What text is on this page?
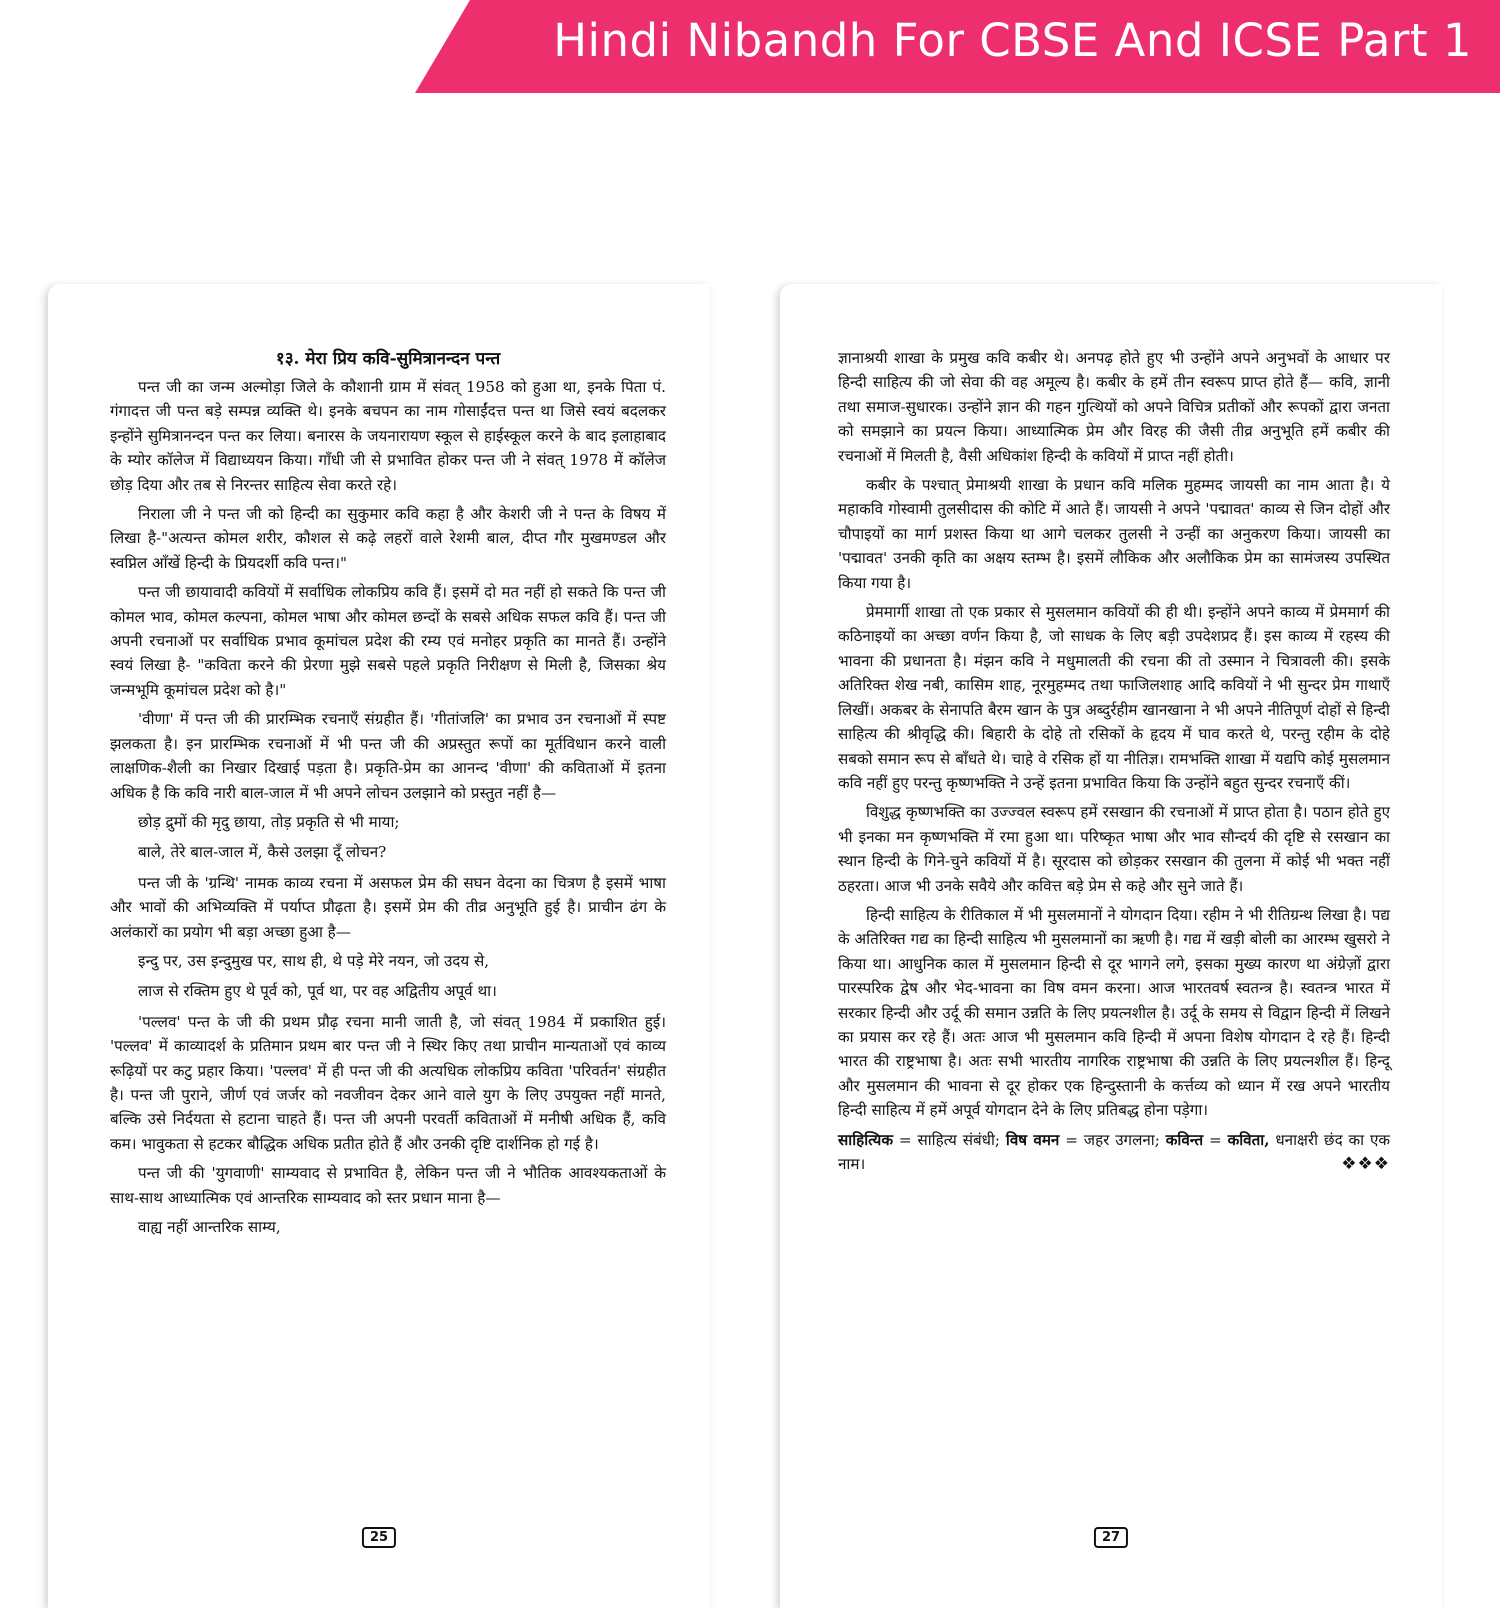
Hindi Nibandh For CBSE And ICSE Part 1
१३. मेरा प्रिय कवि-सुमित्रानन्दन पन्त

पन्त जी का जन्म अल्मोड़ा जिले के कौशानी ग्राम में संवत् 1958 को हुआ था, इनके पिता पं. गंगादत्त जी पन्त बड़े सम्पन्न व्यक्ति थे। इनके बचपन का नाम गोसाईंदत्त पन्त था जिसे स्वयं बदलकर इन्होंने सुमित्रानन्दन पन्त कर लिया। बनारस के जयनारायण स्कूल से हाईस्कूल करने के बाद इलाहाबाद के म्योर कॉलेज में विद्याध्ययन किया। गाँधी जी से प्रभावित होकर पन्त जी ने संवत् 1978 में कॉलेज छोड़ दिया और तब से निरन्तर साहित्य सेवा करते रहे।

निराला जी ने पन्त जी को हिन्दी का सुकुमार कवि कहा है और केशरी जी ने पन्त के विषय में लिखा है-"अत्यन्त कोमल शरीर, कौशल से कढ़े लहरों वाले रेशमी बाल, दीप्त गौर मुखमण्डल और स्वप्निल आँखें हिन्दी के प्रियदर्शी कवि पन्त।"

पन्त जी छायावादी कवियों में सर्वाधिक लोकप्रिय कवि हैं। इसमें दो मत नहीं हो सकते कि पन्त जी कोमल भाव, कोमल कल्पना, कोमल भाषा और कोमल छन्दों के सबसे अधिक सफल कवि हैं। पन्त जी अपनी रचनाओं पर सर्वाधिक प्रभाव कूमांचल प्रदेश की रम्य एवं मनोहर प्रकृति का मानते हैं। उन्होंने स्वयं लिखा है- "कविता करने की प्रेरणा मुझे सबसे पहले प्रकृति निरीक्षण से मिली है, जिसका श्रेय जन्मभूमि कूमांचल प्रदेश को है।"

'वीणा' में पन्त जी की प्रारम्भिक रचनाएँ संग्रहीत हैं। 'गीतांजलि' का प्रभाव उन रचनाओं में स्पष्ट झलकता है। इन प्रारम्भिक रचनाओं में भी पन्त जी की अप्रस्तुत रूपों का मूर्तविधान करने वाली लाक्षणिक-शैली का निखार दिखाई पड़ता है। प्रकृति-प्रेम का आनन्द 'वीणा' की कविताओं में इतना अधिक है कि कवि नारी बाल-जाल में भी अपने लोचन उलझाने को प्रस्तुत नहीं है—

छोड़ द्रुमों की मृदु छाया, तोड़ प्रकृति से भी माया;
बाले, तेरे बाल-जाल में, कैसे उलझा दूँ लोचन?

पन्त जी के 'ग्रन्थि' नामक काव्य रचना में असफल प्रेम की सघन वेदना का चित्रण है इसमें भाषा और भावों की अभिव्यक्ति में पर्याप्त प्रौढ़ता है। इसमें प्रेम की तीव्र अनुभूति हुई है। प्राचीन ढंग के अलंकारों का प्रयोग भी बड़ा अच्छा हुआ है—

इन्दु पर, उस इन्दुमुख पर, साथ ही, थे पड़े मेरे नयन, जो उदय से,
लाज से रक्तिम हुए थे पूर्व को, पूर्व था, पर वह अद्वितीय अपूर्व था।

'पल्लव' पन्त के जी की प्रथम प्रौढ़ रचना मानी जाती है, जो संवत् 1984 में प्रकाशित हुई। 'पल्लव' में काव्यादर्श के प्रतिमान प्रथम बार पन्त जी ने स्थिर किए तथा प्राचीन मान्यताओं एवं काव्य रूढ़ियों पर कटु प्रहार किया। 'पल्लव' में ही पन्त जी की अत्यधिक लोकप्रिय कविता 'परिवर्तन' संग्रहीत है। पन्त जी पुराने, जीर्ण एवं जर्जर को नवजीवन देकर आने वाले युग के लिए उपयुक्त नहीं मानते, बल्कि उसे निर्दयता से हटाना चाहते हैं। पन्त जी अपनी परवर्ती कविताओं में मनीषी अधिक हैं, कवि कम। भावुकता से हटकर बौद्धिक अधिक प्रतीत होते हैं और उनकी दृष्टि दार्शनिक हो गई है।

पन्त जी की 'युगवाणी' साम्यवाद से प्रभावित है, लेकिन पन्त जी ने भौतिक आवश्यकताओं के साथ-साथ आध्यात्मिक एवं आन्तरिक साम्यवाद को स्तर प्रधान माना है—

वाह्य नहीं आन्तरिक साम्य,
25

ज्ञानाश्रयी शाखा के प्रमुख कवि कबीर थे। अनपढ़ होते हुए भी उन्होंने अपने अनुभवों के आधार पर हिन्दी साहित्य की जो सेवा की वह अमूल्य है। कबीर के हमें तीन स्वरूप प्राप्त होते हैं— कवि, ज्ञानी तथा समाज-सुधारक। उन्होंने ज्ञान की गहन गुत्थियों को अपने विचित्र प्रतीकों और रूपकों द्वारा जनता को समझाने का प्रयत्न किया। आध्यात्मिक प्रेम और विरह की जैसी तीव्र अनुभूति हमें कबीर की रचनाओं में मिलती है, वैसी अधिकांश हिन्दी के कवियों में प्राप्त नहीं होती।

कबीर के पश्चात् प्रेमाश्रयी शाखा के प्रधान कवि मलिक मुहम्मद जायसी का नाम आता है। ये महाकवि गोस्वामी तुलसीदास की कोटि में आते हैं। जायसी ने अपने 'पद्मावत' काव्य से जिन दोहों और चौपाइयों का मार्ग प्रशस्त किया था आगे चलकर तुलसी ने उन्हीं का अनुकरण किया। जायसी का 'पद्मावत' उनकी कृति का अक्षय स्तम्भ है। इसमें लौकिक और अलौकिक प्रेम का सामंजस्य उपस्थित किया गया है।

प्रेममार्गी शाखा तो एक प्रकार से मुसलमान कवियों की ही थी। इन्होंने अपने काव्य में प्रेममार्ग की कठिनाइयों का अच्छा वर्णन किया है, जो साधक के लिए बड़ी उपदेशप्रद हैं। इस काव्य में रहस्य की भावना की प्रधानता है। मंझन कवि ने मधुमालती की रचना की तो उस्मान ने चित्रावली की। इसके अतिरिक्त शेख नबी, कासिम शाह, नूरमुहम्मद तथा फाजिलशाह आदि कवियों ने भी सुन्दर प्रेम गाथाएँ लिखीं। अकबर के सेनापति बैरम खान के पुत्र अब्दुर्रहीम खानखाना ने भी अपने नीतिपूर्ण दोहों से हिन्दी साहित्य की श्रीवृद्धि की। बिहारी के दोहे तो रसिकों के हृदय में घाव करते थे, परन्तु रहीम के दोहे सबको समान रूप से बाँधते थे। चाहे वे रसिक हों या नीतिज्ञ। रामभक्ति शाखा में यद्यपि कोई मुसलमान कवि नहीं हुए परन्तु कृष्णभक्ति ने उन्हें इतना प्रभावित किया कि उन्होंने बहुत सुन्दर रचनाएँ कीं।

विशुद्ध कृष्णभक्ति का उज्ज्वल स्वरूप हमें रसखान की रचनाओं में प्राप्त होता है। पठान होते हुए भी इनका मन कृष्णभक्ति में रमा हुआ था। परिष्कृत भाषा और भाव सौन्दर्य की दृष्टि से रसखान का स्थान हिन्दी के गिने-चुने कवियों में है। सूरदास को छोड़कर रसखान की तुलना में कोई भी भक्त नहीं ठहरता। आज भी उनके सवैये और कवित्त बड़े प्रेम से कहे और सुने जाते हैं।

हिन्दी साहित्य के रीतिकाल में भी मुसलमानों ने योगदान दिया। रहीम ने भी रीतिग्रन्थ लिखा है। पद्य के अतिरिक्त गद्य का हिन्दी साहित्य भी मुसलमानों का ऋणी है। गद्य में खड़ी बोली का आरम्भ खुसरो ने किया था। आधुनिक काल में मुसलमान हिन्दी से दूर भागने लगे, इसका मुख्य कारण था अंग्रेज़ों द्वारा पारस्परिक द्वेष और भेद-भावना का विष वमन करना। आज भारतवर्ष स्वतन्त्र है। स्वतन्त्र भारत में सरकार हिन्दी और उर्दू की समान उन्नति के लिए प्रयत्नशील है। उर्दू के समय से विद्वान हिन्दी में लिखने का प्रयास कर रहे हैं। अतः आज भी मुसलमान कवि हिन्दी में अपना विशेष योगदान दे रहे हैं। हिन्दी भारत की राष्ट्रभाषा है। अतः सभी भारतीय नागरिक राष्ट्रभाषा की उन्नति के लिए प्रयत्नशील हैं। हिन्दू और मुसलमान की भावना से दूर होकर एक हिन्दुस्तानी के कर्त्तव्य को ध्यान में रख अपने भारतीय हिन्दी साहित्य में हमें अपूर्व योगदान देने के लिए प्रतिबद्ध होना पड़ेगा।

साहित्यिक = साहित्य संबंधी; विष वमन = जहर उगलना; कविन्त = कविता, धनाक्षरी छंद का एक नाम।	❖❖❖
27
